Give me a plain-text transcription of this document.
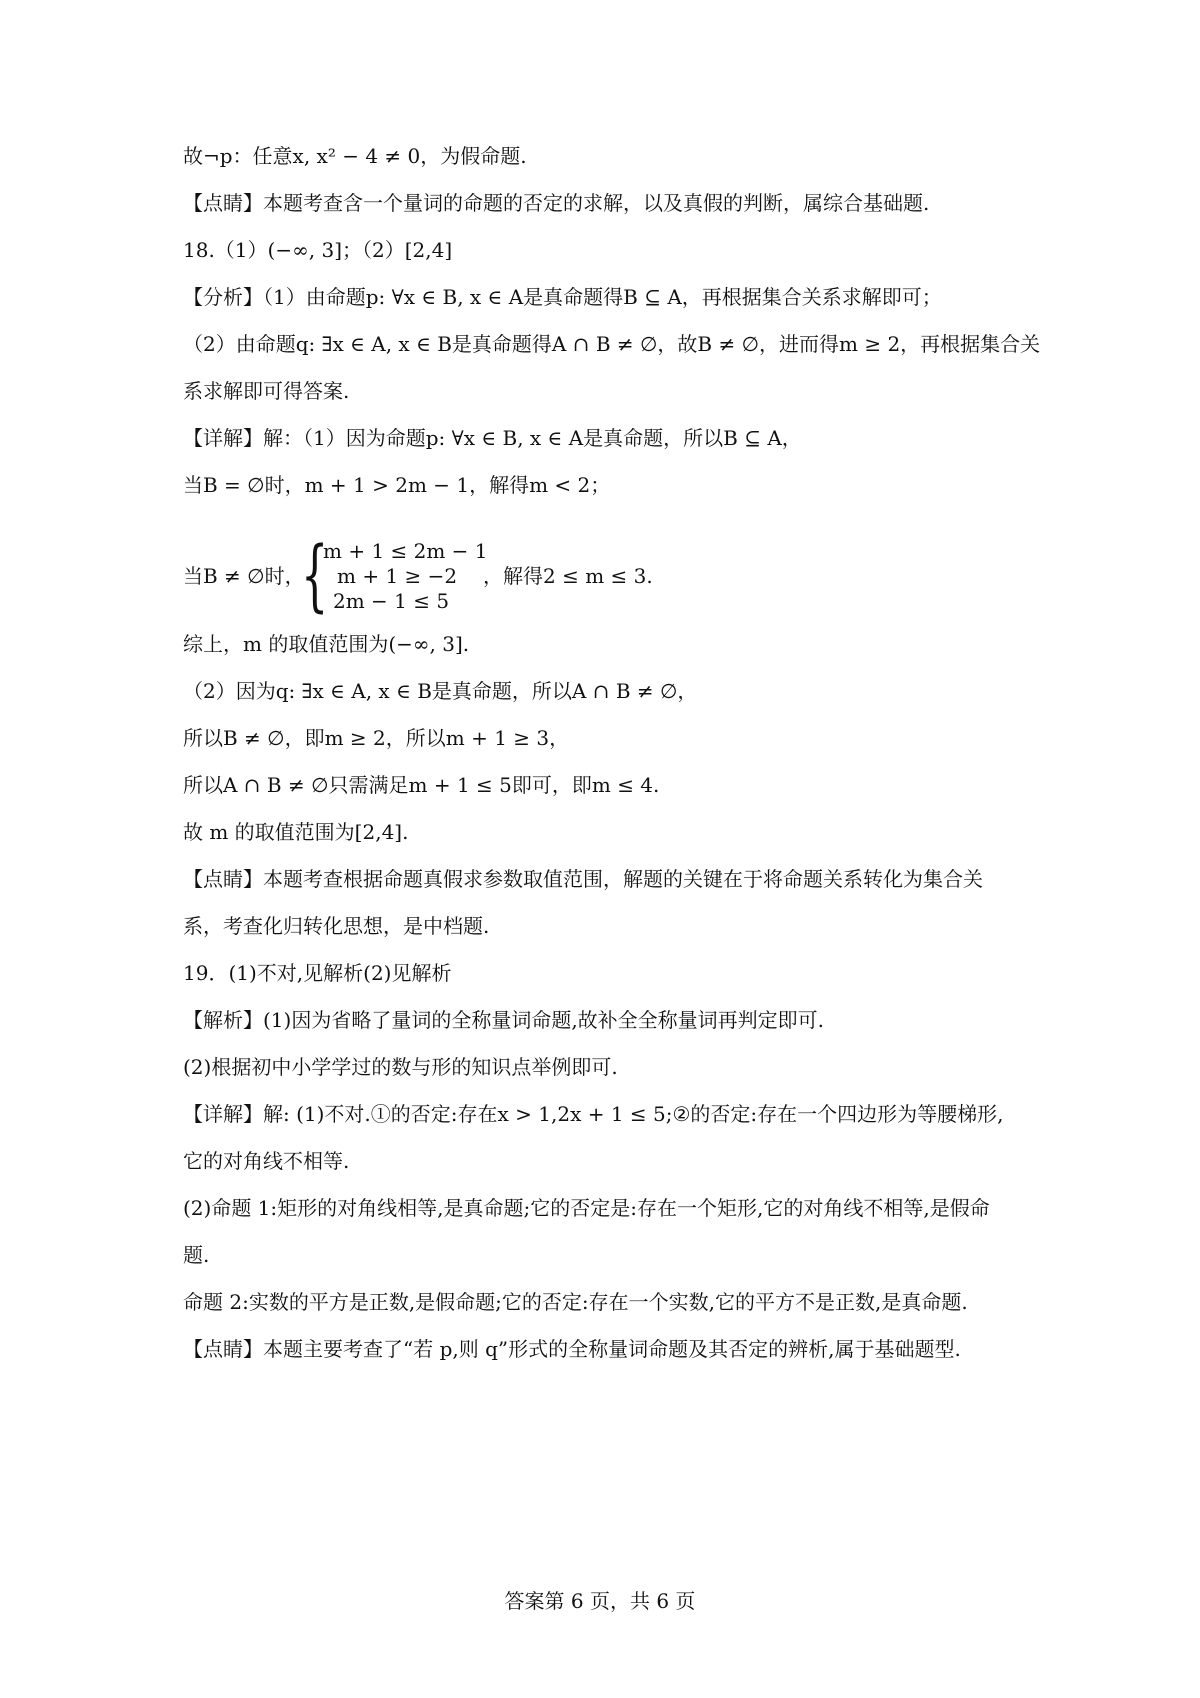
故¬p：任意x, x² − 4 ≠ 0，为假命题.
【点睛】本题考查含一个量词的命题的否定的求解，以及真假的判断，属综合基础题.
18.（1）(−∞, 3]；（2）[2,4]
【分析】（1）由命题p: ∀x ∈ B, x ∈ A是真命题得B ⊆ A，再根据集合关系求解即可；
（2）由命题q: ∃x ∈ A, x ∈ B是真命题得A ∩ B ≠ ∅，故B ≠ ∅，进而得m ≥ 2，再根据集合关
系求解即可得答案.
【详解】解：（1）因为命题p: ∀x ∈ B, x ∈ A是真命题，所以B ⊆ A，
当B = ∅时，m + 1 > 2m − 1，解得m < 2；
当B ≠ ∅时，
{
m + 1 ≤ 2m − 1
m + 1 ≥ −2
2m − 1 ≤ 5
，解得2 ≤ m ≤ 3.
综上，m 的取值范围为(−∞, 3].
（2）因为q: ∃x ∈ A, x ∈ B是真命题，所以A ∩ B ≠ ∅，
所以B ≠ ∅，即m ≥ 2，所以m + 1 ≥ 3，
所以A ∩ B ≠ ∅只需满足m + 1 ≤ 5即可，即m ≤ 4.
故 m 的取值范围为[2,4].
【点睛】本题考查根据命题真假求参数取值范围，解题的关键在于将命题关系转化为集合关
系，考查化归转化思想，是中档题.
19．(1)不对,见解析(2)见解析
【解析】(1)因为省略了量词的全称量词命题,故补全全称量词再判定即可.
(2)根据初中小学学过的数与形的知识点举例即可.
【详解】解: (1)不对.①的否定:存在x > 1,2x + 1 ≤ 5;②的否定:存在一个四边形为等腰梯形,
它的对角线不相等.
(2)命题 1:矩形的对角线相等,是真命题;它的否定是:存在一个矩形,它的对角线不相等,是假命
题.
命题 2:实数的平方是正数,是假命题;它的否定:存在一个实数,它的平方不是正数,是真命题.
【点睛】本题主要考查了“若 p,则 q”形式的全称量词命题及其否定的辨析,属于基础题型.
答案第 6 页，共 6 页
